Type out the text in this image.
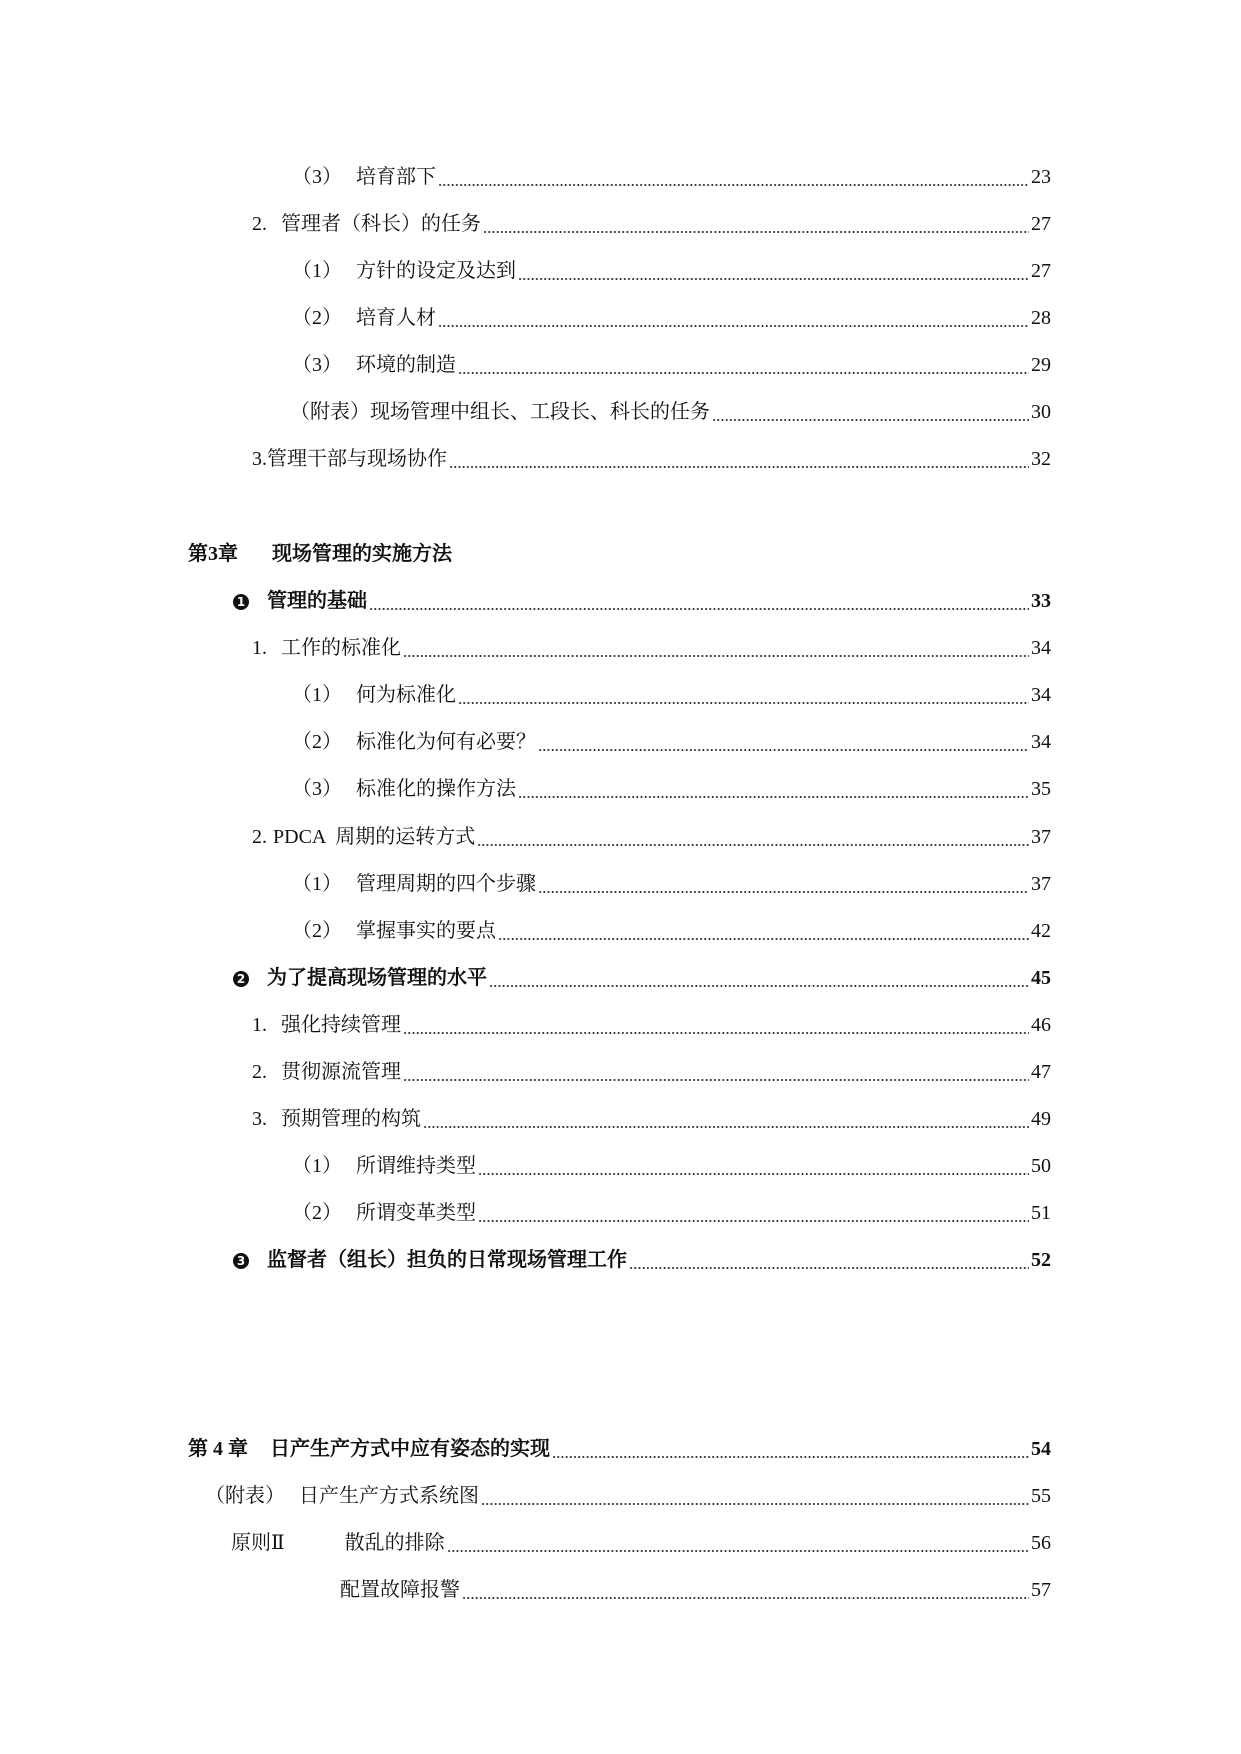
（3） 培育部下	23
2. 管理者（科长）的任务	27
（1） 方针的设定及达到	27
（2） 培育人材	28
（3） 环境的制造	29
（附表）现场管理中组长、工段长、科长的任务	30
3.管理干部与现场协作	32
第3章 现场管理的实施方法
1 管理的基础	33
1. 工作的标准化	34
（1） 何为标准化	34
（2） 标准化为何有必要？	34
（3） 标准化的操作方法	35
2. PDCA  周期的运转方式	37
（1） 管理周期的四个步骤	37
（2） 掌握事实的要点	42
2 为了提高现场管理的水平	45
1. 强化持续管理	46
2. 贯彻源流管理	47
3. 预期管理的构筑	49
（1） 所谓维持类型	50
（2） 所谓变革类型	51
3 监督者（组长）担负的日常现场管理工作	52
第 4 章 日产生产方式中应有姿态的实现	54
（附表） 日产生产方式系统图	55
原则Ⅱ	散乱的排除	56
配置故障报警	57
